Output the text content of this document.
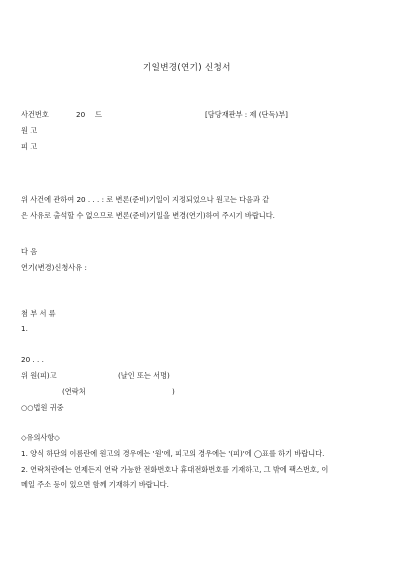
기일변경(연기) 신청서
사건번호	20 드	[담당재판부 : 제 (단독)부]
원 고
피 고
위 사건에 관하여 20 . . . : 로 변론(준비)기일이 지정되었으나 원고는 다음과 같
은 사유로 출석할 수 없으므로 변론(준비)기일을 변경(연기)하여 주시기 바랍니다.
다 음
연기(변경)신청사유 :
첨 부 서 류
1.
20 . . .
위 원(피)고	(날인 또는 서명)
(연락처	)
○○법원 귀중
◇유의사항◇
1. 양식 하단의 이름란에 원고의 경우에는 '원'에, 피고의 경우에는 '(피)'에 ◯표를 하기 바랍니다.
2. 연락처란에는 언제든지 연락 가능한 전화번호나 휴대전화번호를 기재하고, 그 밖에 팩스번호, 이
메일 주소 등이 있으면 함께 기재하기 바랍니다.
